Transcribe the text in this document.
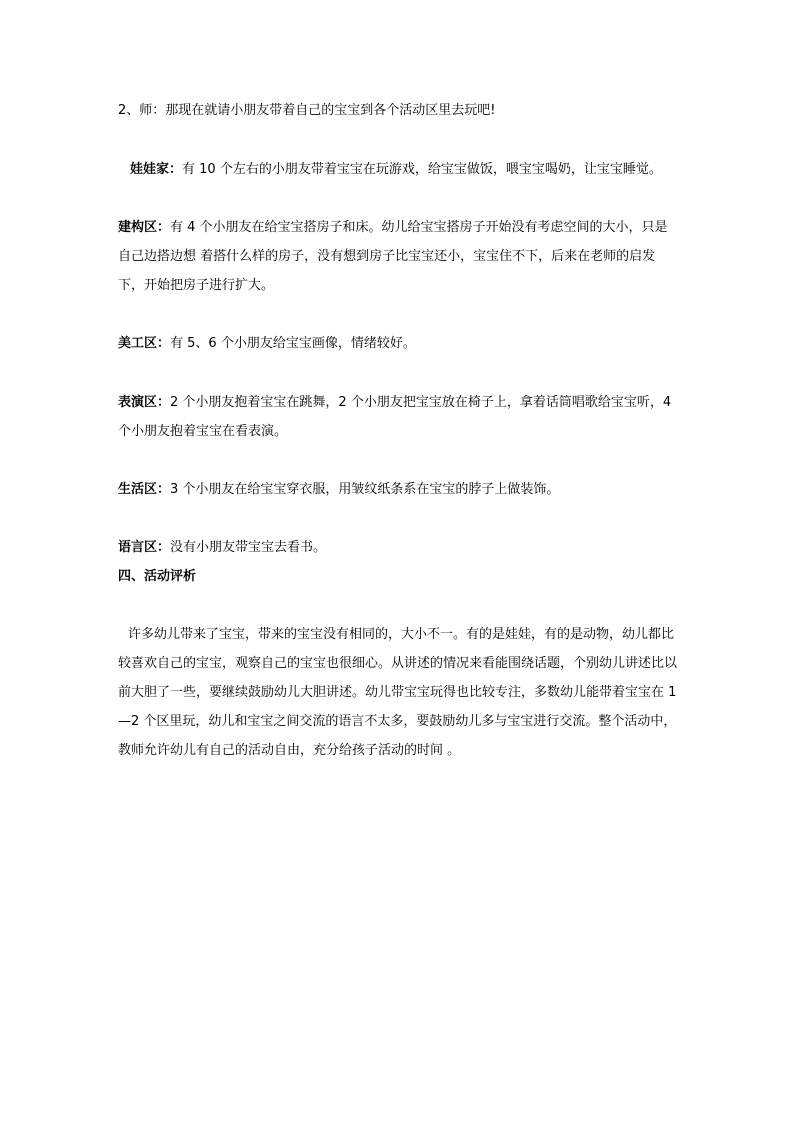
2、师：那现在就请小朋友带着自己的宝宝到各个活动区里去玩吧!
娃娃家：有 10 个左右的小朋友带着宝宝在玩游戏，给宝宝做饭，喂宝宝喝奶，让宝宝睡觉。
建构区：有 4 个小朋友在给宝宝搭房子和床。幼儿给宝宝搭房子开始没有考虑空间的大小，只是自己边搭边想 着搭什么样的房子，没有想到房子比宝宝还小，宝宝住不下，后来在老师的启发下，开始把房子进行扩大。
美工区：有 5、6 个小朋友给宝宝画像，情绪较好。
表演区：2 个小朋友抱着宝宝在跳舞，2 个小朋友把宝宝放在椅子上，拿着话筒唱歌给宝宝听，4 个小朋友抱着宝宝在看表演。
生活区：3 个小朋友在给宝宝穿衣服，用皱纹纸条系在宝宝的脖子上做装饰。
语言区：没有小朋友带宝宝去看书。
四、活动评析
许多幼儿带来了宝宝，带来的宝宝没有相同的，大小不一。有的是娃娃，有的是动物，幼儿都比较喜欢自己的宝宝，观察自己的宝宝也很细心。从讲述的情况来看能围绕话题，个别幼儿讲述比以前大胆了一些，要继续鼓励幼儿大胆讲述。幼儿带宝宝玩得也比较专注，多数幼儿能带着宝宝在 1—2 个区里玩，幼儿和宝宝之间交流的语言不太多，要鼓励幼儿多与宝宝进行交流。整个活动中，教师允许幼儿有自己的活动自由，充分给孩子活动的时间 。
